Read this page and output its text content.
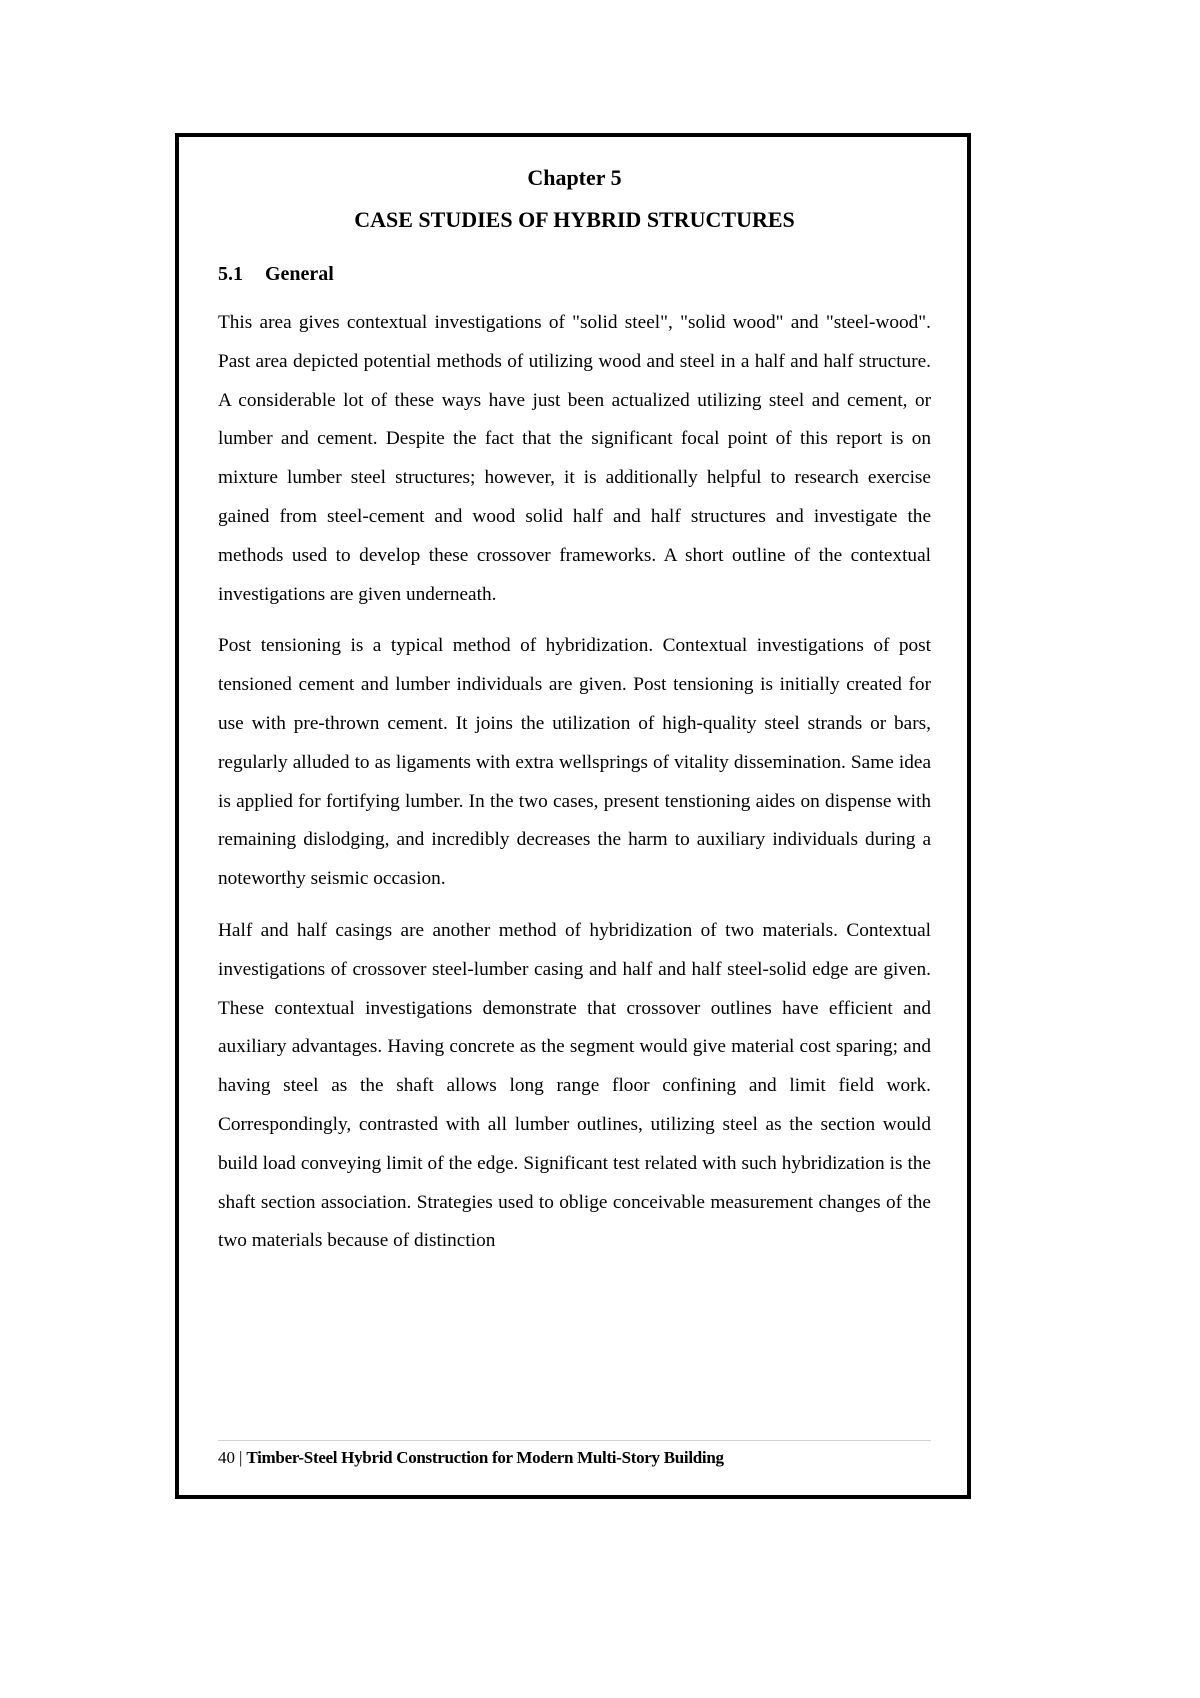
Chapter 5
CASE STUDIES OF HYBRID STRUCTURES
5.1 General

This area gives contextual investigations of "solid steel", "solid wood" and "steel-wood". Past area depicted potential methods of utilizing wood and steel in a half and half structure. A considerable lot of these ways have just been actualized utilizing steel and cement, or lumber and cement. Despite the fact that the significant focal point of this report is on mixture lumber steel structures; however, it is additionally helpful to research exercise gained from steel-cement and wood solid half and half structures and investigate the methods used to develop these crossover frameworks. A short outline of the contextual investigations are given underneath.

Post tensioning is a typical method of hybridization. Contextual investigations of post tensioned cement and lumber individuals are given. Post tensioning is initially created for use with pre-thrown cement. It joins the utilization of high-quality steel strands or bars, regularly alluded to as ligaments with extra wellsprings of vitality dissemination. Same idea is applied for fortifying lumber. In the two cases, present tenstioning aides on dispense with remaining dislodging, and incredibly decreases the harm to auxiliary individuals during a noteworthy seismic occasion.

Half and half casings are another method of hybridization of two materials. Contextual investigations of crossover steel-lumber casing and half and half steel-solid edge are given. These contextual investigations demonstrate that crossover outlines have efficient and auxiliary advantages. Having concrete as the segment would give material cost sparing; and having steel as the shaft allows long range floor confining and limit field work. Correspondingly, contrasted with all lumber outlines, utilizing steel as the section would build load conveying limit of the edge. Significant test related with such hybridization is the shaft section association. Strategies used to oblige conceivable measurement changes of the two materials because of distinction

40 | Timber-Steel Hybrid Construction for Modern Multi-Story Building
